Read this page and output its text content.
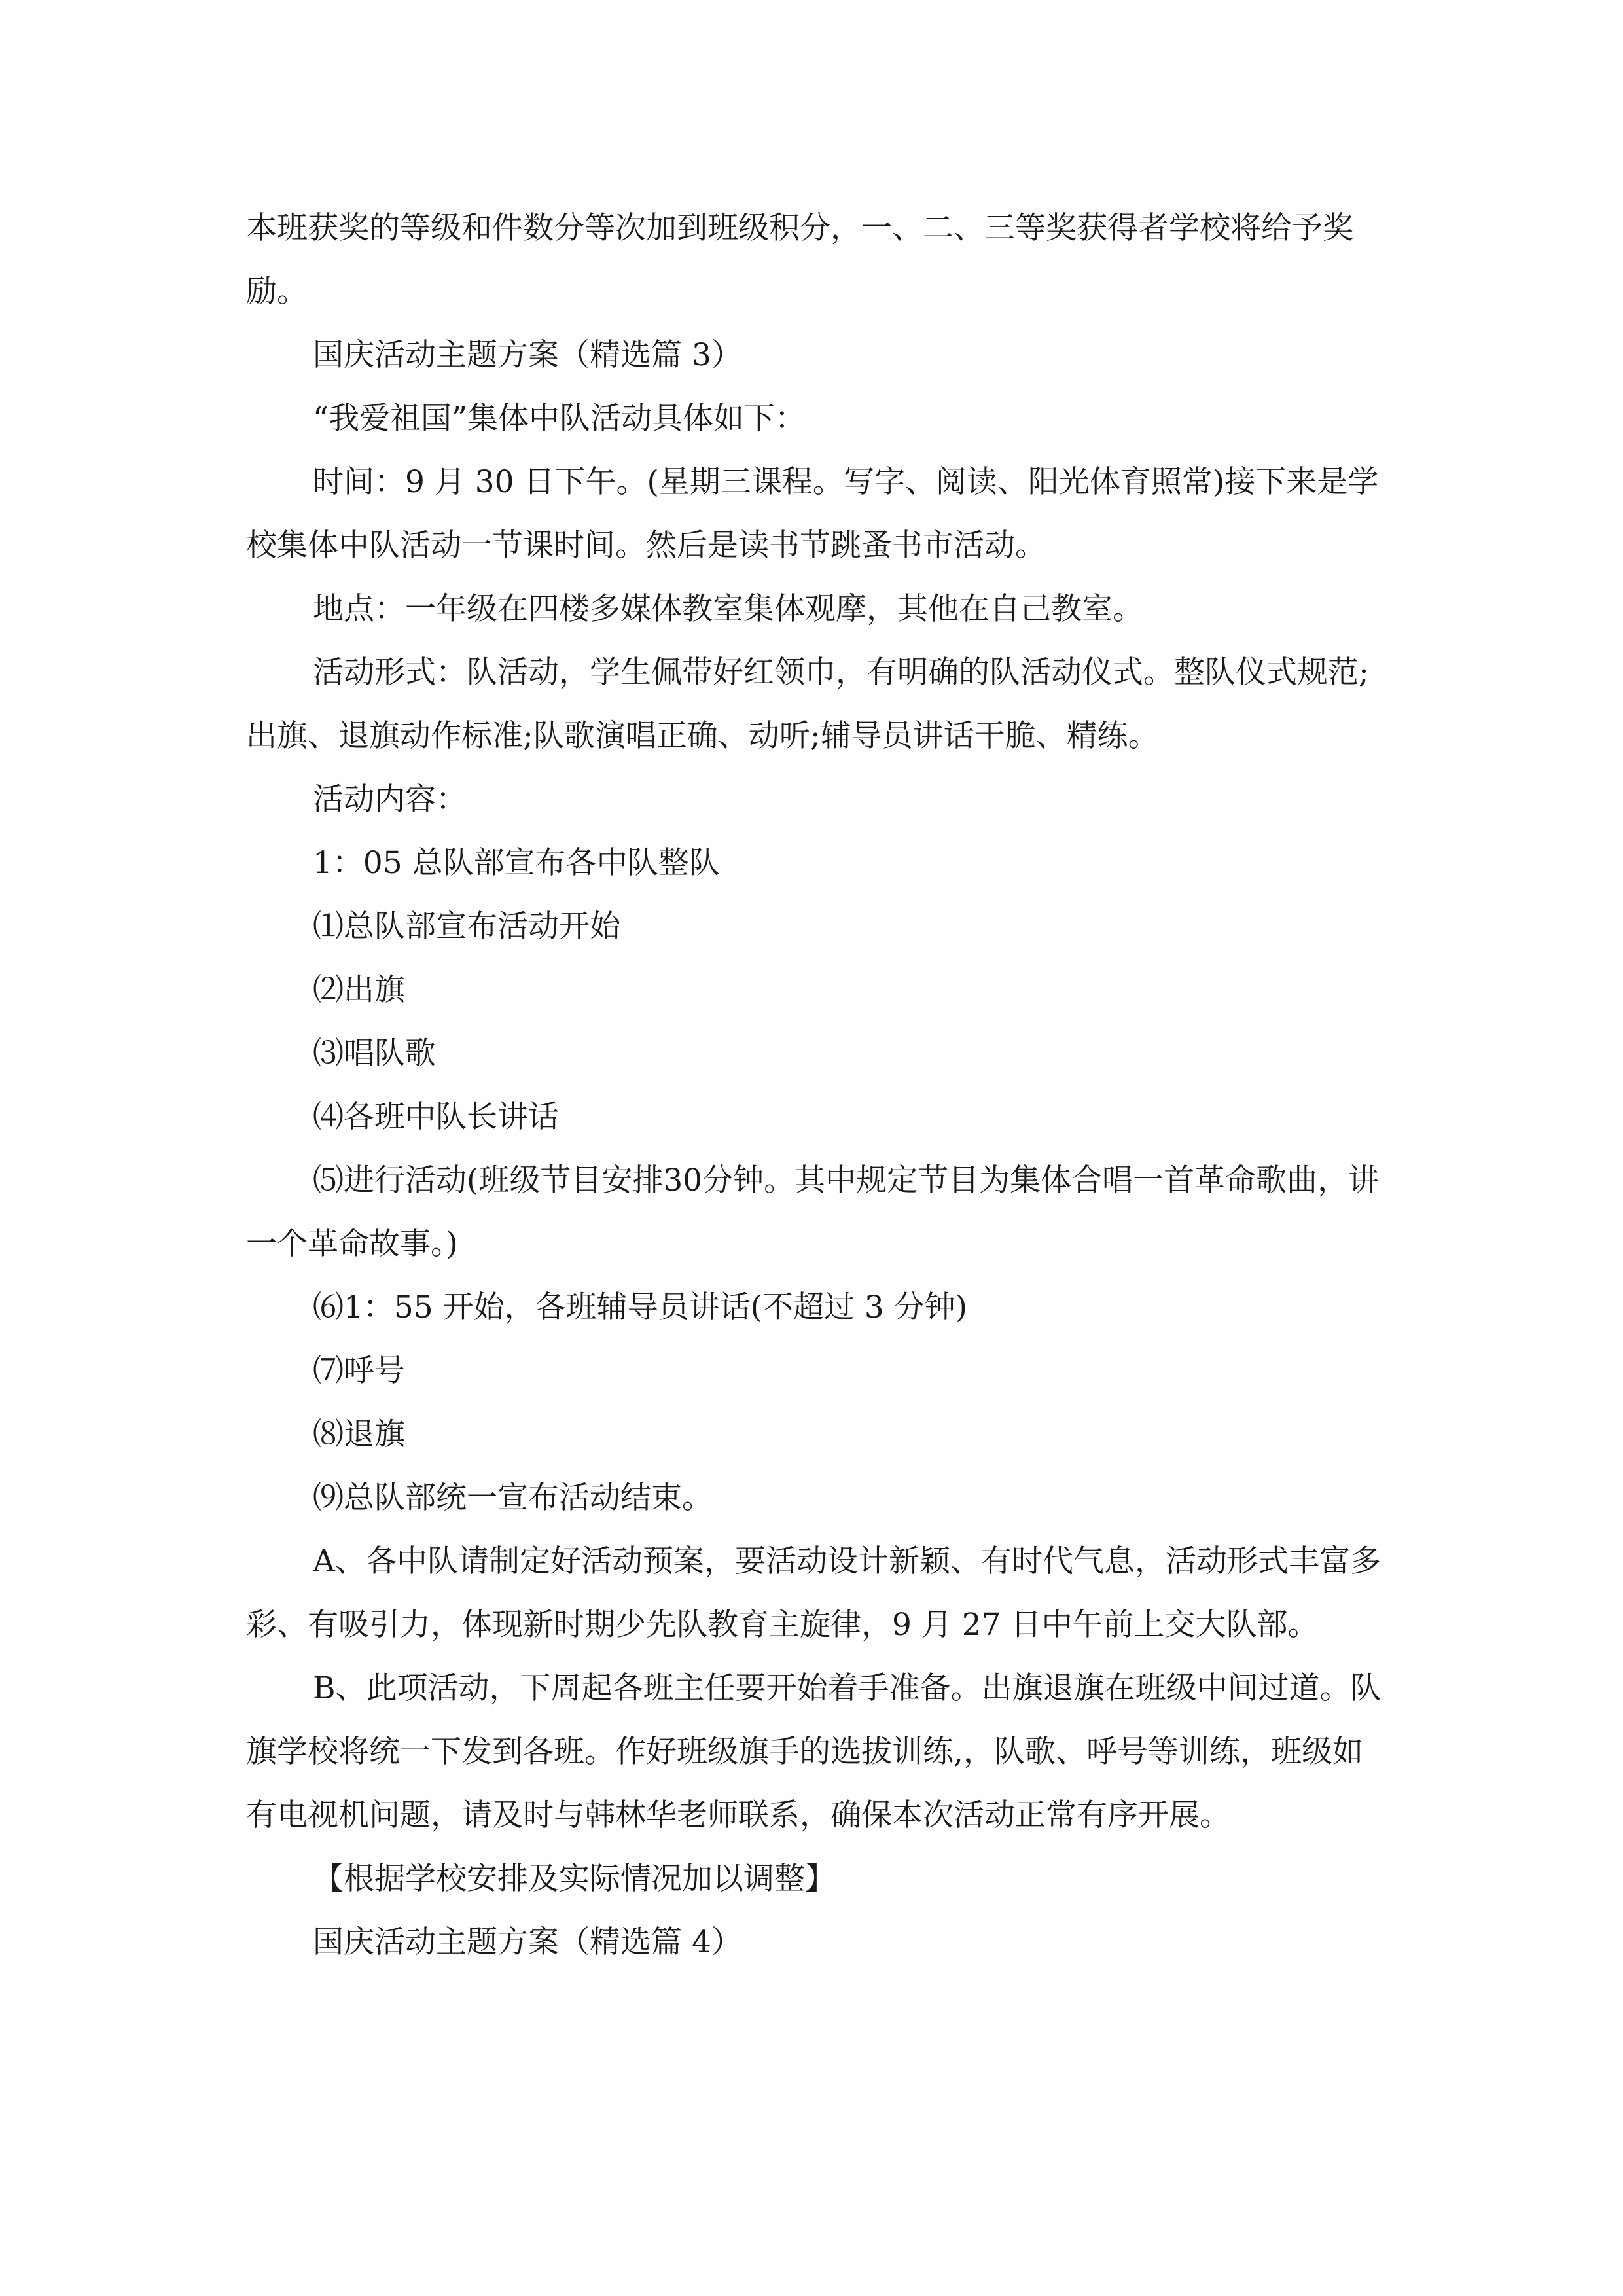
本班获奖的等级和件数分等次加到班级积分，一、二、三等奖获得者学校将给予奖励。

国庆活动主题方案（精选篇 3）

“我爱祖国”集体中队活动具体如下：

时间：9 月 30 日下午。(星期三课程。写字、阅读、阳光体育照常)接下来是学校集体中队活动一节课时间。然后是读书节跳蚤书市活动。

地点：一年级在四楼多媒体教室集体观摩，其他在自己教室。

活动形式：队活动，学生佩带好红领巾，有明确的队活动仪式。整队仪式规范;出旗、退旗动作标准;队歌演唱正确、动听;辅导员讲话干脆、精练。

活动内容：

1：05 总队部宣布各中队整队

⑴总队部宣布活动开始

⑵出旗

⑶唱队歌

⑷各班中队长讲话

⑸进行活动(班级节目安排30分钟。其中规定节目为集体合唱一首革命歌曲，讲一个革命故事。)

⑹1：55 开始，各班辅导员讲话(不超过 3 分钟)

⑺呼号

⑻退旗

⑼总队部统一宣布活动结束。

A、各中队请制定好活动预案，要活动设计新颖、有时代气息，活动形式丰富多彩、有吸引力，体现新时期少先队教育主旋律，9 月 27 日中午前上交大队部。

B、此项活动，下周起各班主任要开始着手准备。出旗退旗在班级中间过道。队旗学校将统一下发到各班。作好班级旗手的选拔训练,，队歌、呼号等训练，班级如有电视机问题，请及时与韩林华老师联系，确保本次活动正常有序开展。

【根据学校安排及实际情况加以调整】

国庆活动主题方案（精选篇 4）
